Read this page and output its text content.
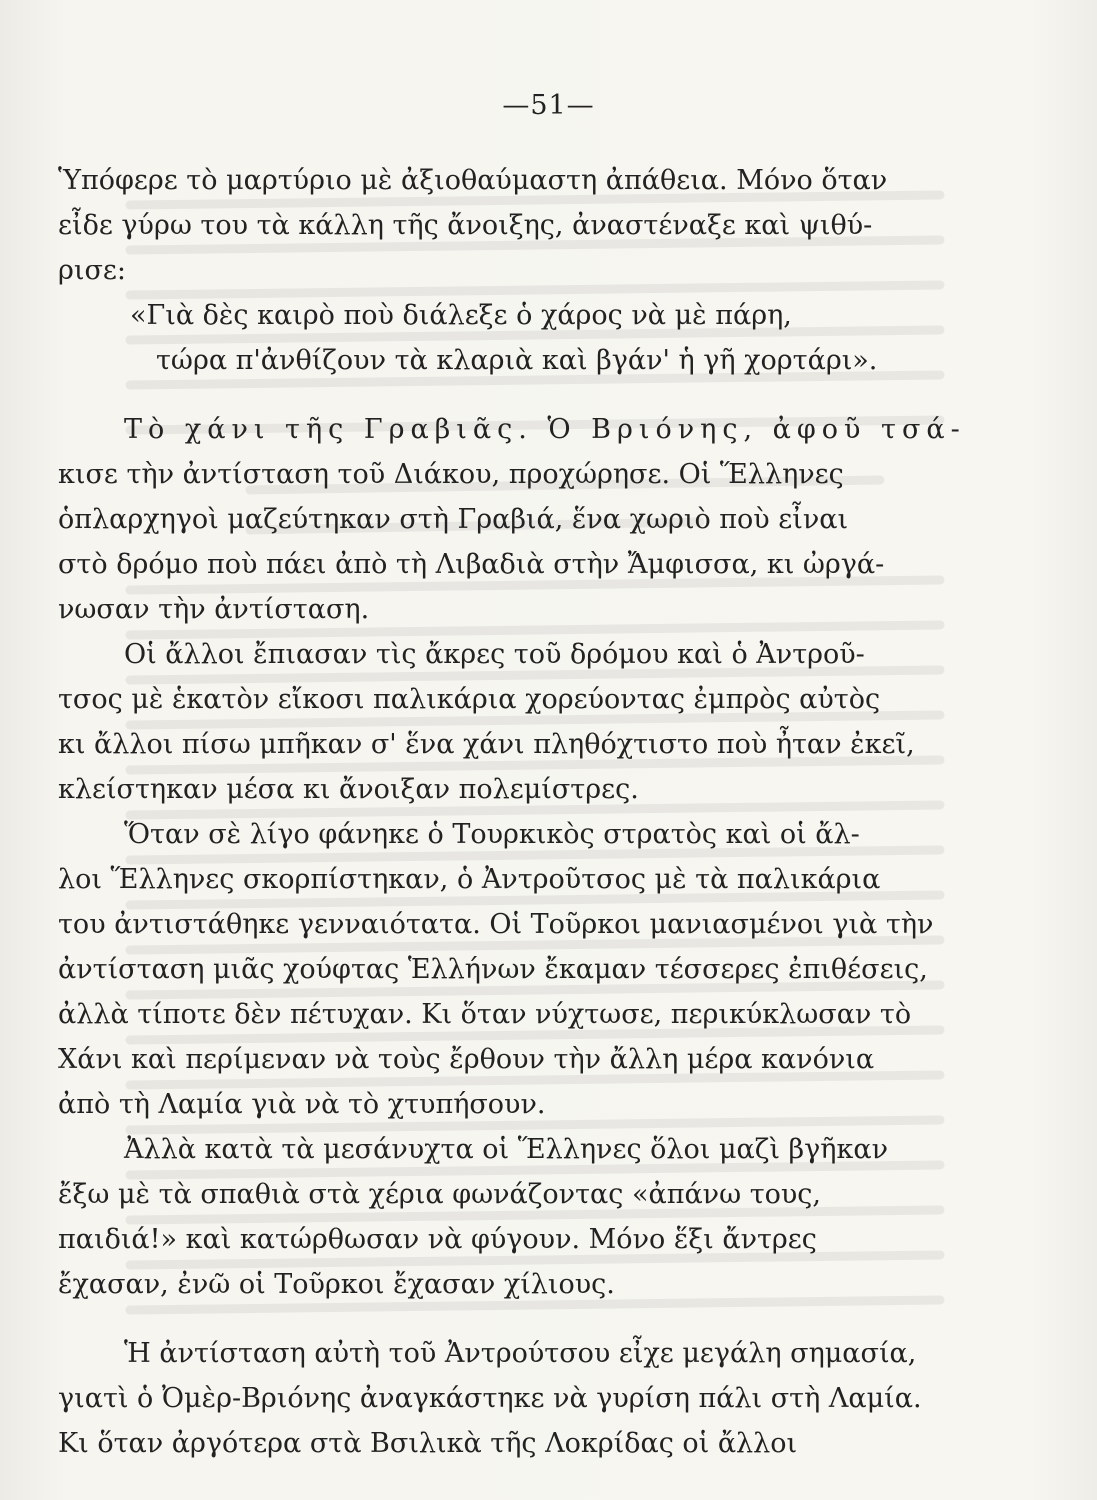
—51—
Ὑπόφερε τὸ μαρτύριο μὲ ἀξιοθαύμαστη ἀπάθεια. Μόνο ὅταν
εἶδε γύρω του τὰ κάλλη τῆς ἄνοιξης, ἀναστέναξε καὶ ψιθύ-
ρισε:
«Γιὰ δὲς καιρὸ ποὺ διάλεξε ὁ χάρος νὰ μὲ πάρη,
τώρα π'ἀνθίζουν τὰ κλαριὰ καὶ βγάν' ἡ γῆ χορτάρι».
Τὸ χάνι τῆς Γραβιᾶς. Ὁ Βριόνης, ἀφοῦ τσά-
κισε τὴν ἀντίσταση τοῦ Διάκου, προχώρησε. Οἱ Ἕλληνες
ὁπλαρχηγοὶ μαζεύτηκαν στὴ Γραβιά, ἕνα χωριὸ ποὺ εἶναι
στὸ δρόμο ποὺ πάει ἀπὸ τὴ Λιβαδιὰ στὴν Ἄμφισσα, κι ὠργά-
νωσαν τὴν ἀντίσταση.
Οἱ ἄλλοι ἔπιασαν τὶς ἄκρες τοῦ δρόμου καὶ ὁ Ἀντροῦ-
τσος μὲ ἑκατὸν εἴκοσι παλικάρια χορεύοντας ἐμπρὸς αὐτὸς
κι ἄλλοι πίσω μπῆκαν σ' ἕνα χάνι πληθόχτιστο ποὺ ἦταν ἐκεῖ,
κλείστηκαν μέσα κι ἄνοιξαν πολεμίστρες.
Ὅταν σὲ λίγο φάνηκε ὁ Τουρκικὸς στρατὸς καὶ οἱ ἄλ-
λοι Ἕλληνες σκορπίστηκαν, ὁ Ἀντροῦτσος μὲ τὰ παλικάρια
του ἀντιστάθηκε γενναιότατα. Οἱ Τοῦρκοι μανιασμένοι γιὰ τὴν
ἀντίσταση μιᾶς χούφτας Ἑλλήνων ἔκαμαν τέσσερες ἐπιθέσεις,
ἀλλὰ τίποτε δὲν πέτυχαν. Κι ὅταν νύχτωσε, περικύκλωσαν τὸ
Χάνι καὶ περίμεναν νὰ τοὺς ἔρθουν τὴν ἄλλη μέρα κανόνια
ἀπὸ τὴ Λαμία γιὰ νὰ τὸ χτυπήσουν.
Ἀλλὰ κατὰ τὰ μεσάνυχτα οἱ Ἕλληνες ὅλοι μαζὶ βγῆκαν
ἔξω μὲ τὰ σπαθιὰ στὰ χέρια φωνάζοντας «ἀπάνω τους,
παιδιά!» καὶ κατώρθωσαν νὰ φύγουν. Μόνο ἕξι ἄντρες
ἔχασαν, ἐνῶ οἱ Τοῦρκοι ἔχασαν χίλιους.
Ἡ ἀντίσταση αὐτὴ τοῦ Ἀντρούτσου εἶχε μεγάλη σημασία,
γιατὶ ὁ Ὀμὲρ-Βριόνης ἀναγκάστηκε νὰ γυρίση πάλι στὴ Λαμία.
Κι ὅταν ἀργότερα στὰ Βσιλικὰ τῆς Λοκρίδας οἱ ἄλλοι
